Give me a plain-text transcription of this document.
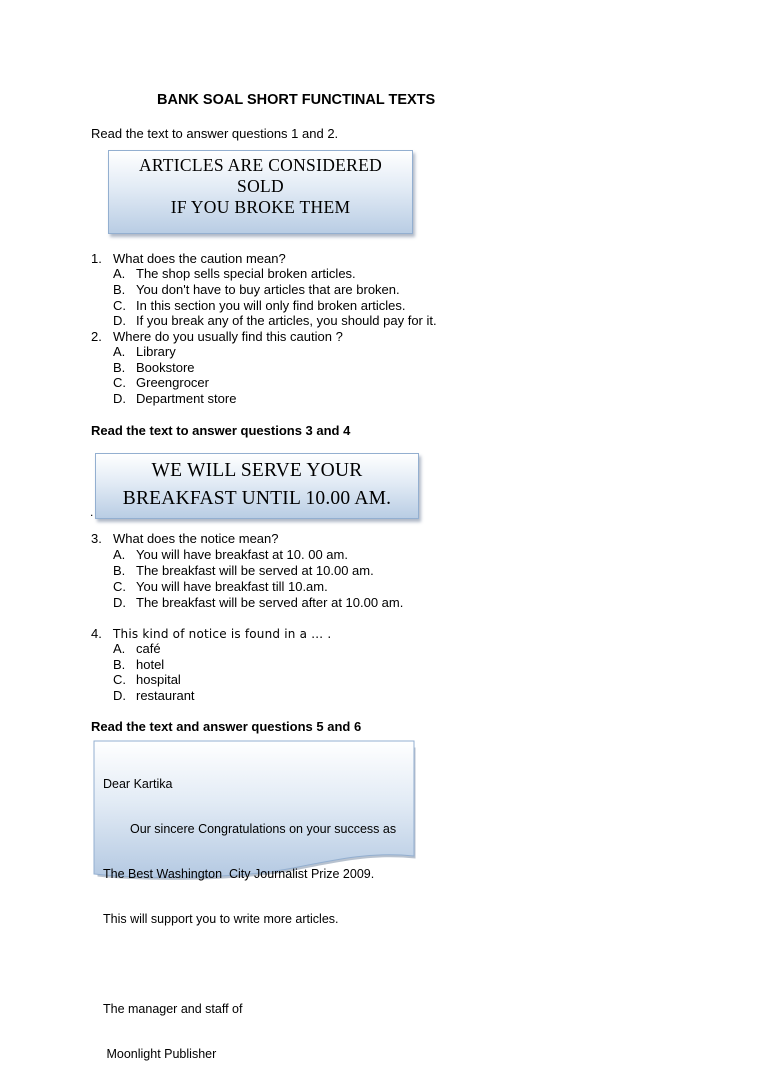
BANK SOAL SHORT FUNCTINAL TEXTS
Read the text to answer questions 1 and 2.
ARTICLES ARE CONSIDERED
SOLD
IF YOU BROKE THEM
1. What does the caution mean?
A. The shop sells special broken articles.
B. You don't have to buy articles that are broken.
C. In this section you will only find broken articles.
D. If you break any of the articles, you should pay for it.
2. Where do you usually find this caution ?
A. Library
B. Bookstore
C. Greengrocer
D. Department store
Read the text to answer questions 3 and 4
WE WILL SERVE YOUR
BREAKFAST UNTIL 10.00 AM.
.
3. What does the notice mean?
A. You will have breakfast at 10. 00 am.
B. The breakfast will be served at 10.00 am.
C. You will have breakfast till 10.am.
D. The breakfast will be served after at 10.00 am.
4. This kind of notice is found in a … .
A. café
B. hotel
C. hospital
D. restaurant
Read the text and answer questions 5 and 6

Dear Kartika

Our sincere Congratulations on your success as

The Best Washington  City Journalist Prize 2009.

This will support you to write more articles.

The manager and staff of

Moonlight Publisher
